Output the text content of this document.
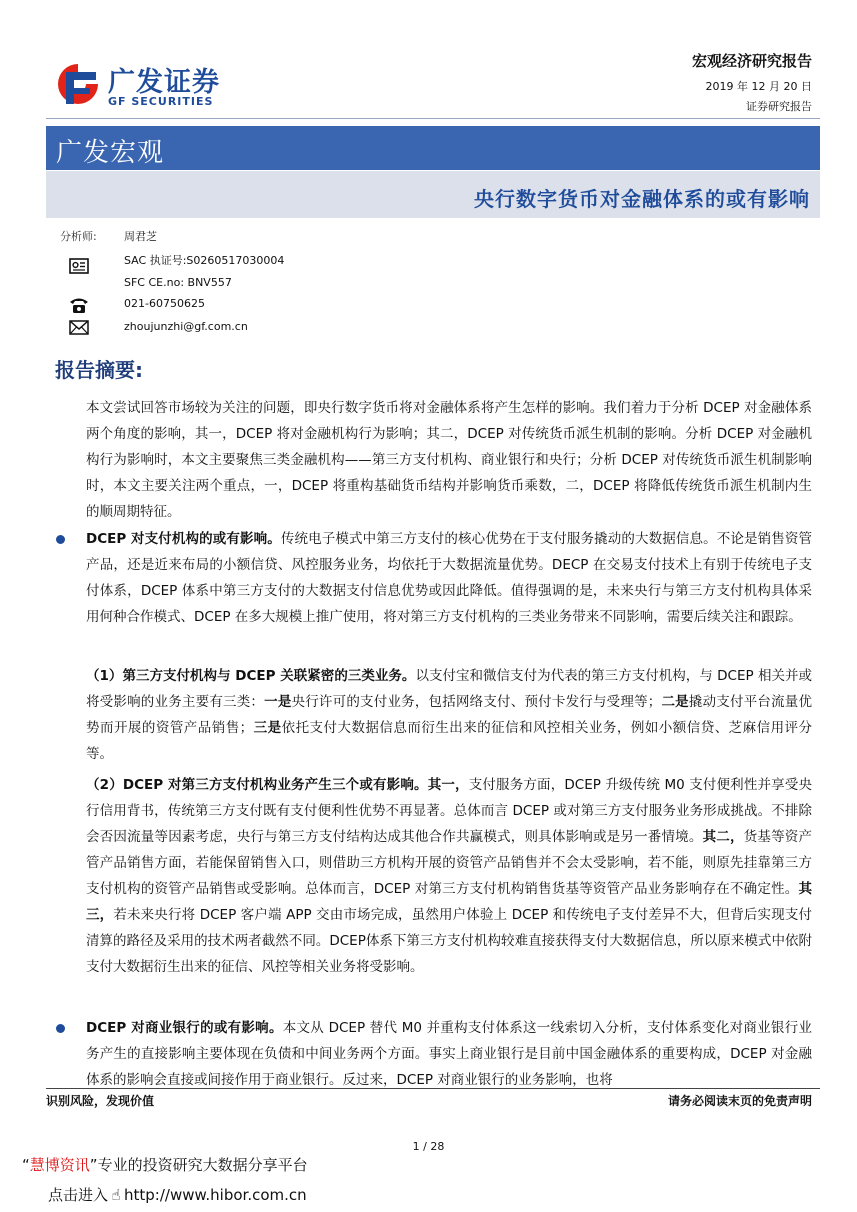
广发证券
GF SECURITIES
宏观经济研究报告
2019 年 12 月 20 日
证券研究报告
广发宏观
央行数字货币对金融体系的或有影响
分析师: 周君芝
SAC 执证号:S0260517030004
SFC CE.no: BNV557
021-60750625
zhoujunzhi@gf.com.cn
报告摘要:

本文尝试回答市场较为关注的问题，即央行数字货币将对金融体系将产生怎样的影响。我们着力于分析 DCEP 对金融体系两个角度的影响，其一，DCEP 将对金融机构行为影响；其二，DCEP 对传统货币派生机制的影响。分析 DCEP 对金融机构行为影响时，本文主要聚焦三类金融机构——第三方支付机构、商业银行和央行；分析 DCEP 对传统货币派生机制影响时，本文主要关注两个重点，一，DCEP 将重构基础货币结构并影响货币乘数，二，DCEP 将降低传统货币派生机制内生的顺周期特征。

DCEP 对支付机构的或有影响。传统电子模式中第三方支付的核心优势在于支付服务撬动的大数据信息。不论是销售资管产品，还是近来布局的小额信贷、风控服务业务，均依托于大数据流量优势。DECP 在交易支付技术上有别于传统电子支付体系，DCEP 体系中第三方支付的大数据支付信息优势或因此降低。值得强调的是，未来央行与第三方支付机构具体采用何种合作模式、DCEP 在多大规模上推广使用，将对第三方支付机构的三类业务带来不同影响，需要后续关注和跟踪。

（1）第三方支付机构与 DCEP 关联紧密的三类业务。以支付宝和微信支付为代表的第三方支付机构，与 DCEP 相关并或将受影响的业务主要有三类：一是央行许可的支付业务，包括网络支付、预付卡发行与受理等；二是撬动支付平台流量优势而开展的资管产品销售；三是依托支付大数据信息而衍生出来的征信和风控相关业务，例如小额信贷、芝麻信用评分等。

（2）DCEP 对第三方支付机构业务产生三个或有影响。其一，支付服务方面，DCEP 升级传统 M0 支付便利性并享受央行信用背书，传统第三方支付既有支付便利性优势不再显著。总体而言 DCEP 或对第三方支付服务业务形成挑战。不排除会否因流量等因素考虑，央行与第三方支付结构达成其他合作共赢模式，则具体影响或是另一番情境。其二，货基等资产管产品销售方面，若能保留销售入口，则借助三方机构开展的资管产品销售并不会太受影响，若不能，则原先挂靠第三方支付机构的资管产品销售或受影响。总体而言，DCEP 对第三方支付机构销售货基等资管产品业务影响存在不确定性。其三，若未来央行将 DCEP 客户端 APP 交由市场完成，虽然用户体验上 DCEP 和传统电子支付差异不大，但背后实现支付清算的路径及采用的技术两者截然不同。DCEP体系下第三方支付机构较难直接获得支付大数据信息，所以原来模式中依附支付大数据衍生出来的征信、风控等相关业务将受影响。

DCEP 对商业银行的或有影响。本文从 DCEP 替代 M0 并重构支付体系这一线索切入分析，支付体系变化对商业银行业务产生的直接影响主要体现在负债和中间业务两个方面。事实上商业银行是目前中国金融体系的重要构成，DCEP 对金融体系的影响会直接或间接作用于商业银行。反过来，DCEP 对商业银行的业务影响，也将

识别风险，发现价值	请务必阅读末页的免责声明
1 / 28
“慧博资讯”专业的投资研究大数据分享平台
点击进入 ☝ http://www.hibor.com.cn
